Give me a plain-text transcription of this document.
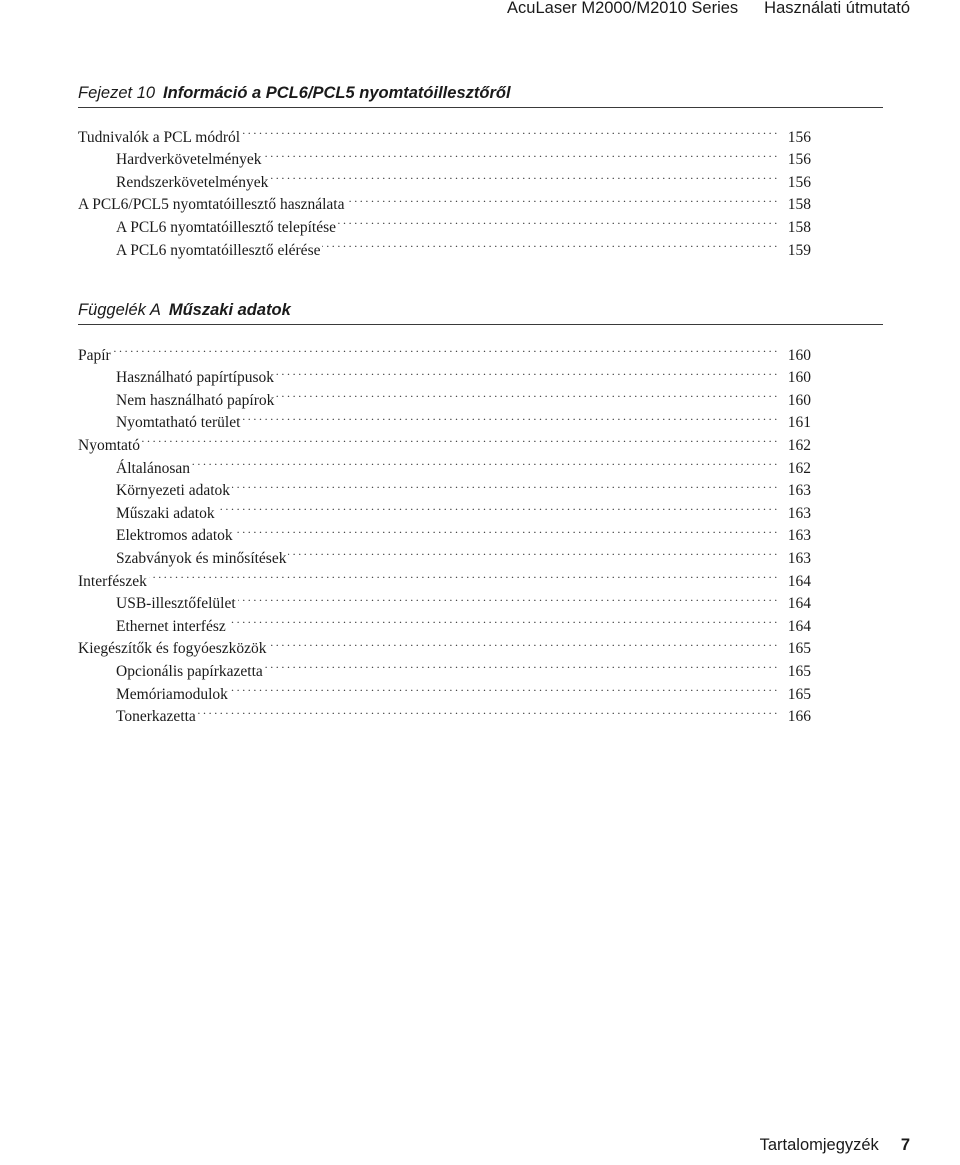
AcuLaser M2000/M2010 Series Használati útmutató
Fejezet 10 Információ a PCL6/PCL5 nyomtatóillesztőről
Tudnivalók a PCL módról . . .	156
Hardverkövetelmények . . .	156
Rendszerkövetelmények . . .	156
A PCL6/PCL5 nyomtatóillesztő használata . . .	158
A PCL6 nyomtatóillesztő telepítése . . .	158
A PCL6 nyomtatóillesztő elérése . . .	159
Függelék A Műszaki adatok
Papír . . .	160
Használható papírtípusok . . .	160
Nem használható papírok . . .	160
Nyomtatható terület . . .	161
Nyomtató . . .	162
Általánosan . . .	162
Környezeti adatok . . .	163
Műszaki adatok . . .	163
Elektromos adatok . . .	163
Szabványok és minősítések . . .	163
Interfészek . . .	164
USB-illesztőfelület . . .	164
Ethernet interfész . . .	164
Kiegészítők és fogyóeszközök . . .	165
Opcionális papírkazetta . . .	165
Memóriamodulok . . .	165
Tonerkazetta . . .	166
Tartalomjegyzék 7
